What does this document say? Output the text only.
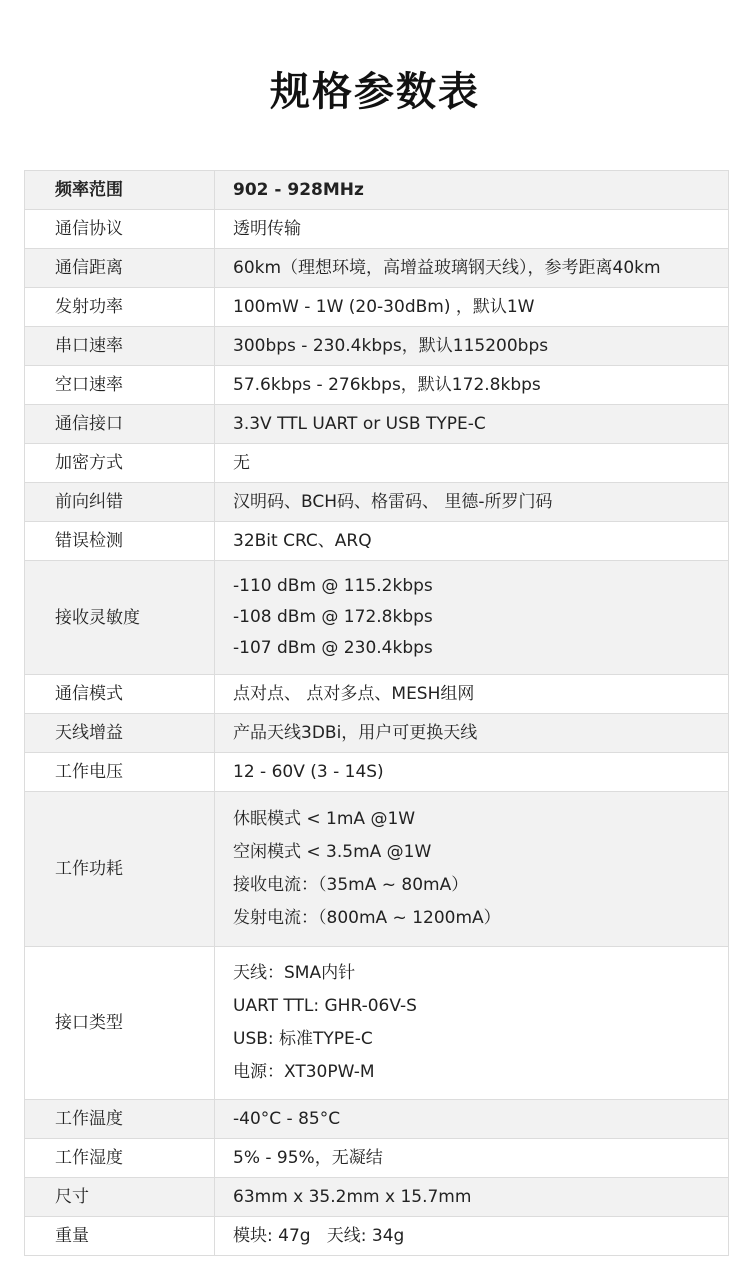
规格参数表
频率范围	902 - 928MHz
通信协议	透明传输
通信距离	60km（理想环境，高增益玻璃钢天线），参考距离40km
发射功率	100mW - 1W (20-30dBm) ，默认1W
串口速率	300bps - 230.4kbps，默认115200bps
空口速率	57.6kbps - 276kbps，默认172.8kbps
通信接口	3.3V TTL UART or USB TYPE-C
加密方式	无
前向纠错	汉明码、BCH码、格雷码、 里德-所罗门码
错误检测	32Bit CRC、ARQ
接收灵敏度	-110 dBm @ 115.2kbps
-108 dBm @ 172.8kbps
-107 dBm @ 230.4kbps

通信模式	点对点、 点对多点、MESH组网
天线增益	产品天线3DBi，用户可更换天线
工作电压	12 - 60V (3 - 14S)
工作功耗	休眠模式 < 1mA @1W
空闲模式 < 3.5mA @1W
接收电流：（35mA ~ 80mA）
发射电流：（800mA ~ 1200mA）

接口类型	天线：SMA内针
UART TTL: GHR-06V-S
USB: 标准TYPE-C
电源：XT30PW-M

工作温度	-40°C - 85°C
工作湿度	5% - 95%，无凝结
尺寸	63mm x 35.2mm x 15.7mm
重量	模块: 47g   天线: 34g
